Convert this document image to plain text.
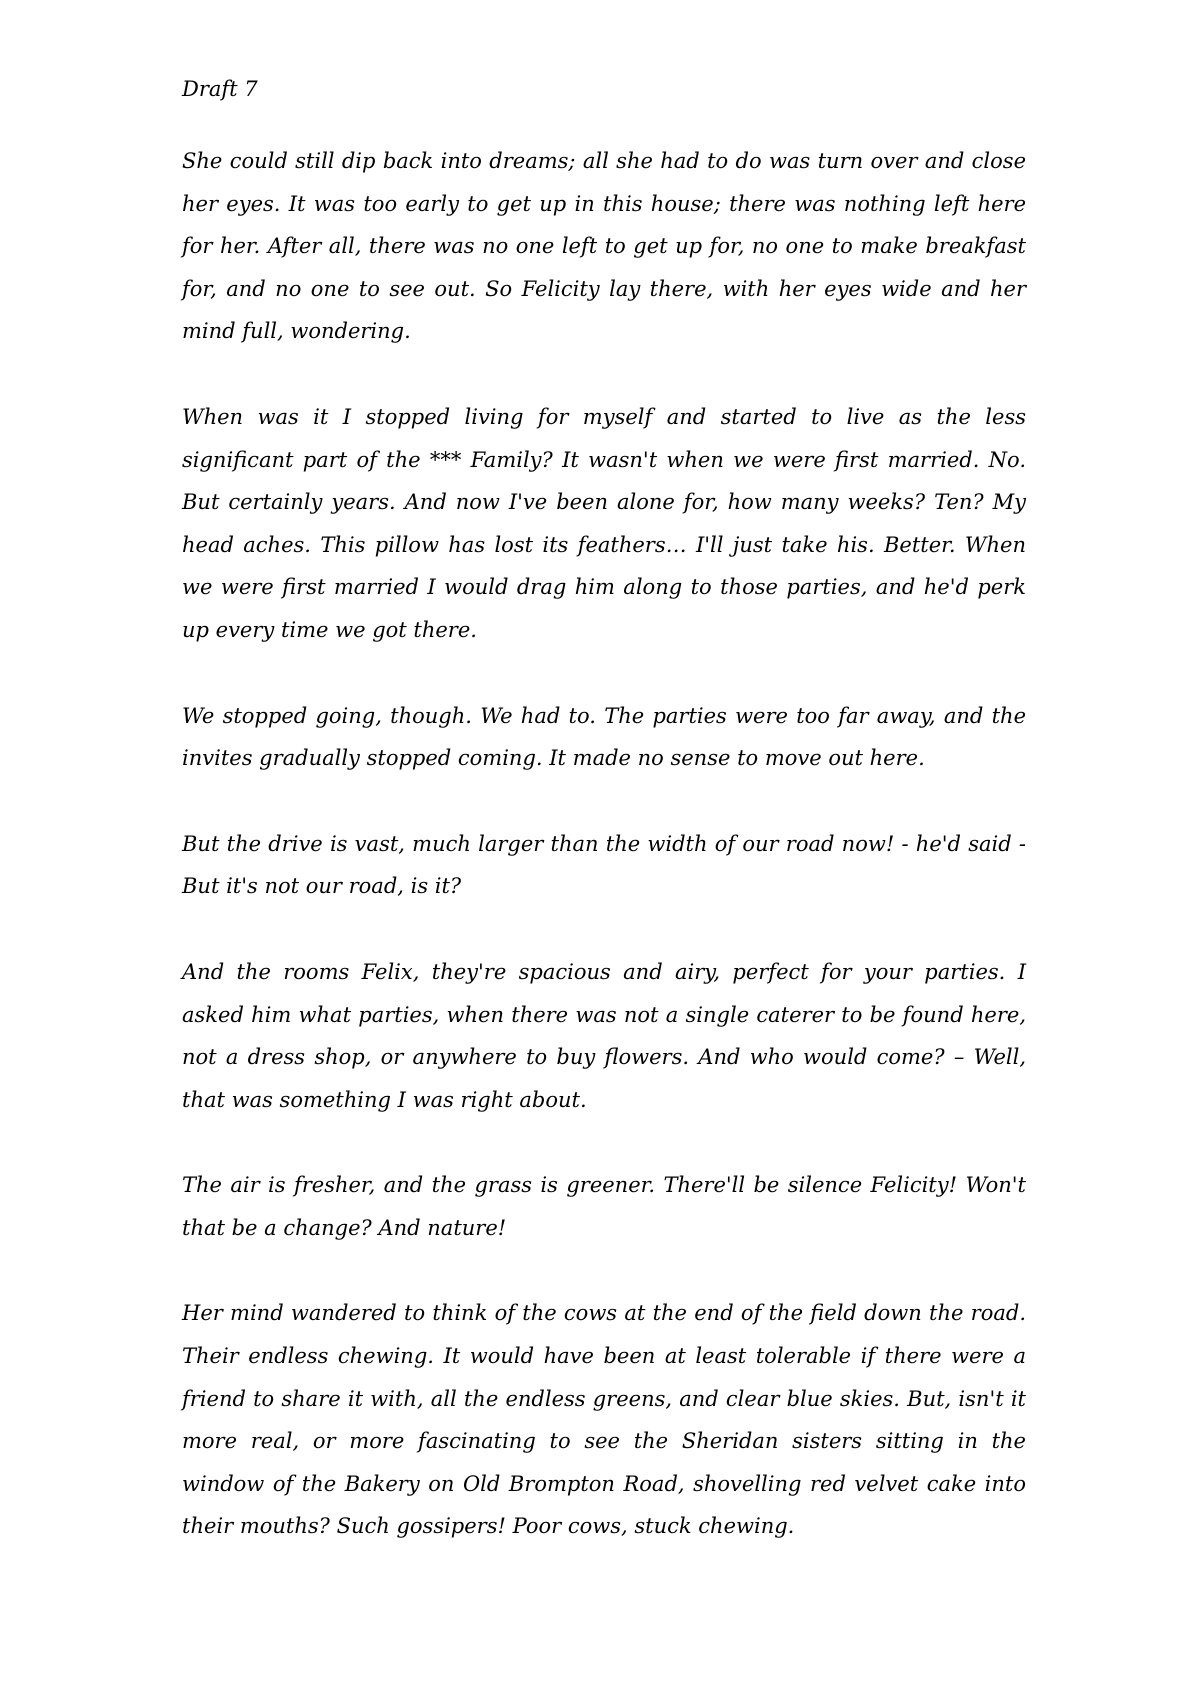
Draft 7

She could still dip back into dreams; all she had to do was turn over and close her eyes. It was too early to get up in this house; there was nothing left here for her. After all, there was no one left to get up for, no one to make breakfast for, and no one to see out. So Felicity lay there, with her eyes wide and her mind full, wondering.

When was it I stopped living for myself and started to live as the less significant part of the *** Family? It wasn't when we were first married. No. But certainly years. And now I've been alone for, how many weeks? Ten? My head aches. This pillow has lost its feathers… I'll just take his. Better. When we were first married I would drag him along to those parties, and he'd perk up every time we got there.

We stopped going, though. We had to. The parties were too far away, and the invites gradually stopped coming. It made no sense to move out here.

But the drive is vast, much larger than the width of our road now! - he'd said - But it's not our road, is it?

And the rooms Felix, they're spacious and airy, perfect for your parties. I asked him what parties, when there was not a single caterer to be found here, not a dress shop, or anywhere to buy flowers. And who would come? – Well, that was something I was right about.

The air is fresher, and the grass is greener. There'll be silence Felicity! Won't that be a change? And nature!

Her mind wandered to think of the cows at the end of the field down the road. Their endless chewing. It would have been at least tolerable if there were a friend to share it with, all the endless greens, and clear blue skies. But, isn't it more real, or more fascinating to see the Sheridan sisters sitting in the window of the Bakery on Old Brompton Road, shovelling red velvet cake into their mouths? Such gossipers! Poor cows, stuck chewing.
